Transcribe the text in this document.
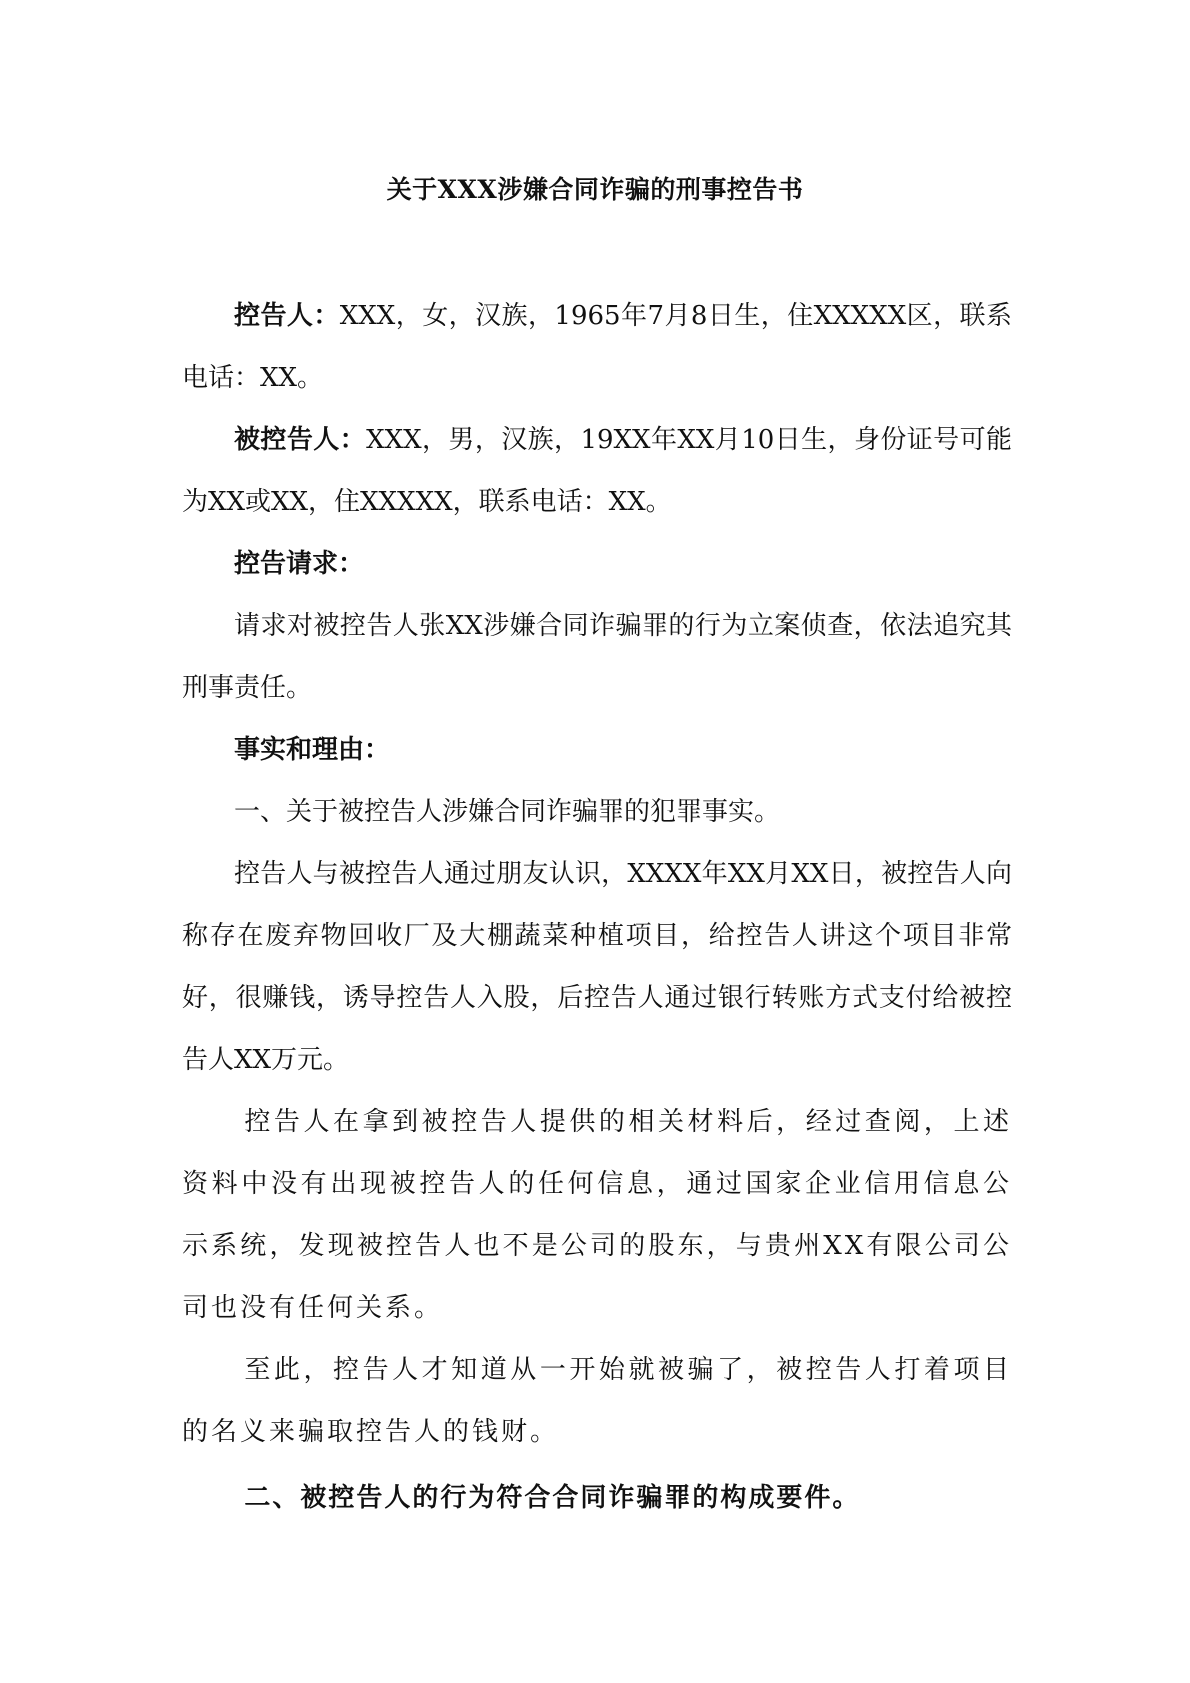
关于XXX涉嫌合同诈骗的刑事控告书

控告人：XXX，女，汉族，1965年7月8日生，住XXXXX区，联系电话：XX。

被控告人：XXX，男，汉族，19XX年XX月10日生，身份证号可能为XX或XX，住XXXXX，联系电话：XX。

控告请求：

请求对被控告人张XX涉嫌合同诈骗罪的行为立案侦查，依法追究其刑事责任。

事实和理由：

一、关于被控告人涉嫌合同诈骗罪的犯罪事实。

控告人与被控告人通过朋友认识，XXXX年XX月XX日，被控告人向称存在废弃物回收厂及大棚蔬菜种植项目，给控告人讲这个项目非常好，很赚钱，诱导控告人入股，后控告人通过银行转账方式支付给被控告人XX万元。

控告人在拿到被控告人提供的相关材料后，经过查阅，上述资料中没有出现被控告人的任何信息，通过国家企业信用信息公示系统，发现被控告人也不是公司的股东，与贵州XX有限公司公司也没有任何关系。

至此，控告人才知道从一开始就被骗了，被控告人打着项目的名义来骗取控告人的钱财。

二、被控告人的行为符合合同诈骗罪的构成要件。
